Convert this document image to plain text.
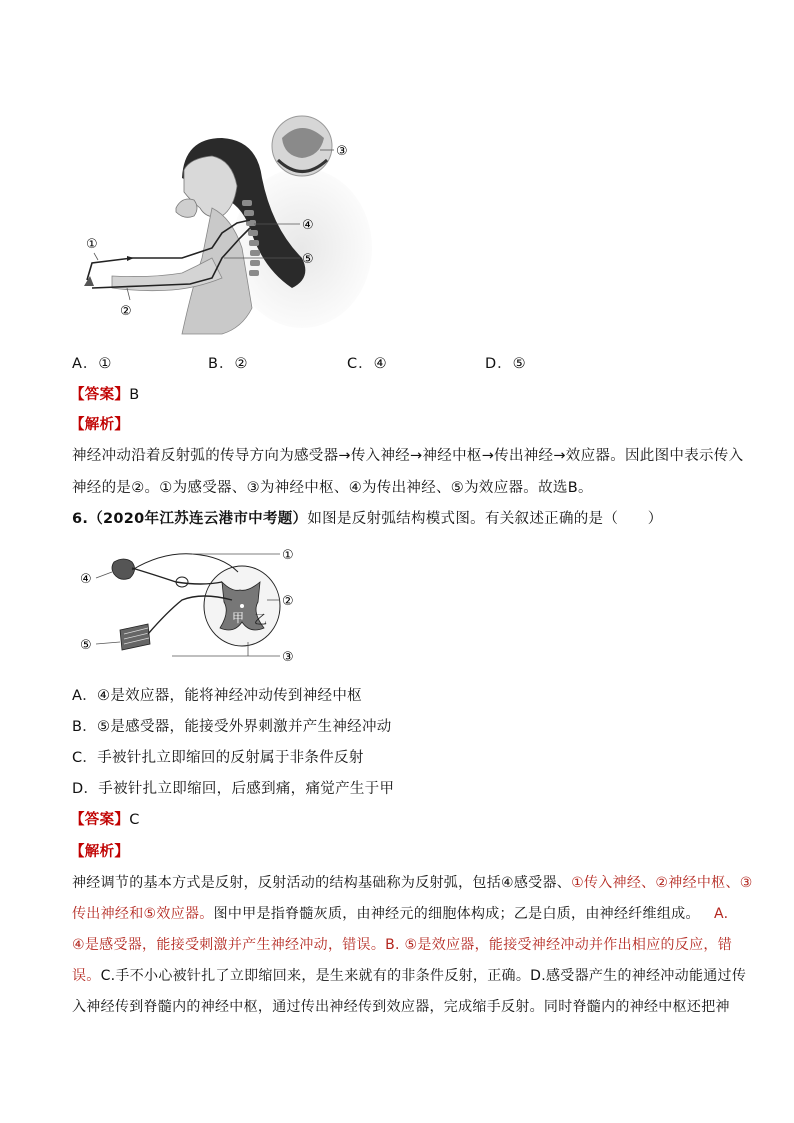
①
②
③
④
⑤
A．①	B．②	C．④	D．⑤
【答案】B
【解析】
神经冲动沿着反射弧的传导方向为感受器→传入神经→神经中枢→传出神经→效应器。因此图中表示传入
神经的是②。①为感受器、③为神经中枢、④为传出神经、⑤为效应器。故选B。
6.（2020年江苏连云港市中考题）如图是反射弧结构模式图。有关叙述正确的是（　　）
甲 乙
①
②
③
④
⑤
A．④是效应器，能将神经冲动传到神经中枢
B．⑤是感受器，能接受外界刺激并产生神经冲动
C．手被针扎立即缩回的反射属于非条件反射
D．手被针扎立即缩回，后感到痛，痛觉产生于甲
【答案】C
【解析】
神经调节的基本方式是反射，反射活动的结构基础称为反射弧，包括④感受器、①传入神经、②神经中枢、③
传出神经和⑤效应器。图中甲是指脊髓灰质，由神经元的细胞体构成；乙是白质，由神经纤维组成。 A.
④是感受器，能接受刺激并产生神经冲动，错误。B. ⑤是效应器，能接受神经冲动并作出相应的反应，错
误。C.手不小心被针扎了立即缩回来，是生来就有的非条件反射，正确。D.感受器产生的神经冲动能通过传
入神经传到脊髓内的神经中枢，通过传出神经传到效应器，完成缩手反射。同时脊髓内的神经中枢还把神
